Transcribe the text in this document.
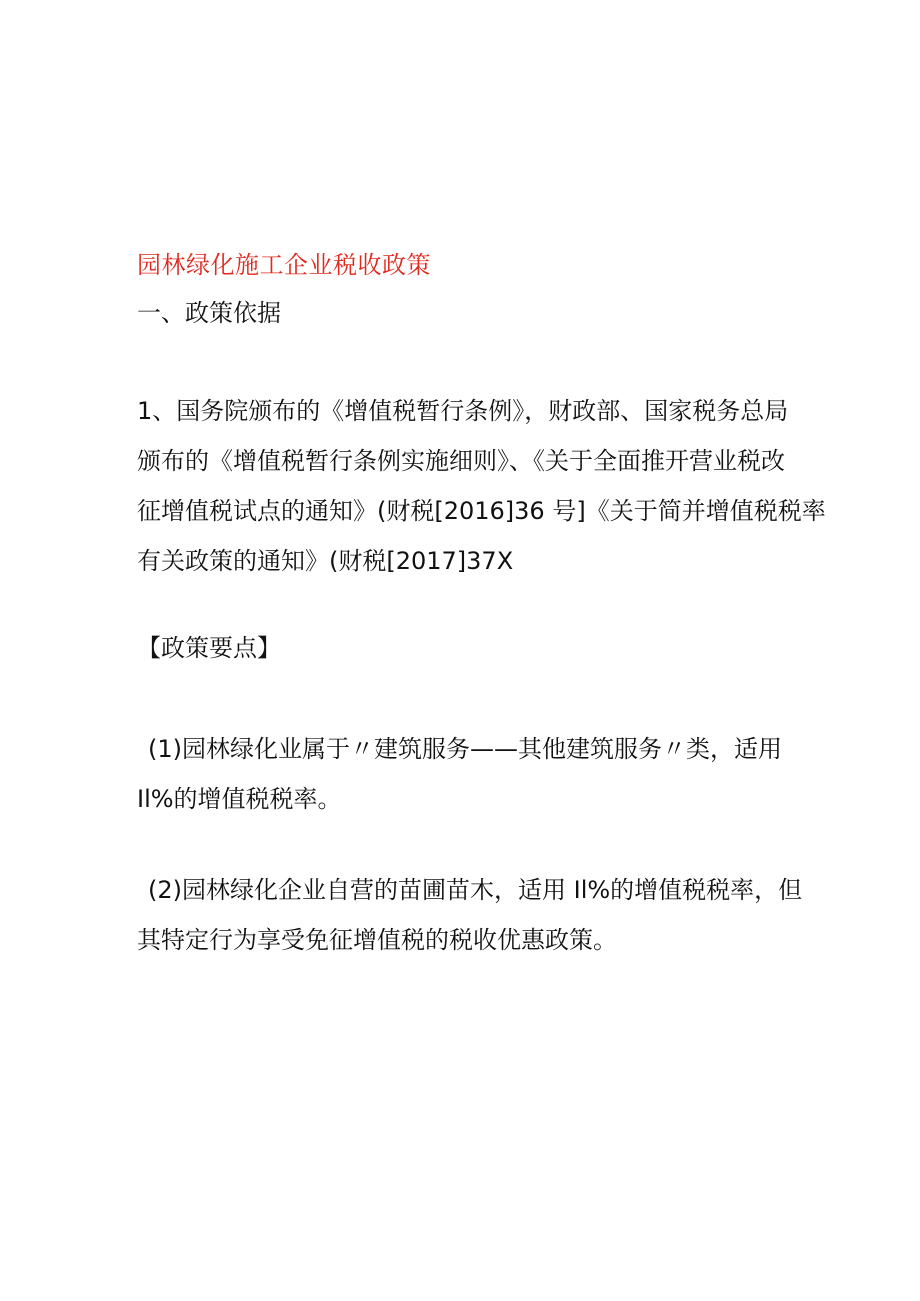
园林绿化施工企业税收政策
一、政策依据
1、国务院颁布的《增值税暂行条例》，财政部、国家税务总局
颁布的《增值税暂行条例实施细则》、《关于全面推开营业税改
征增值税试点的通知》(财税[2016]36 号]《关于简并增值税税率
有关政策的通知》(财税[2017]37X
【政策要点】
(1)园林绿化业属于〃建筑服务——其他建筑服务〃类，适用
Il%的增值税税率。
(2)园林绿化企业自营的苗圃苗木，适用 Il%的增值税税率，但
其特定行为享受免征增值税的税收优惠政策。
